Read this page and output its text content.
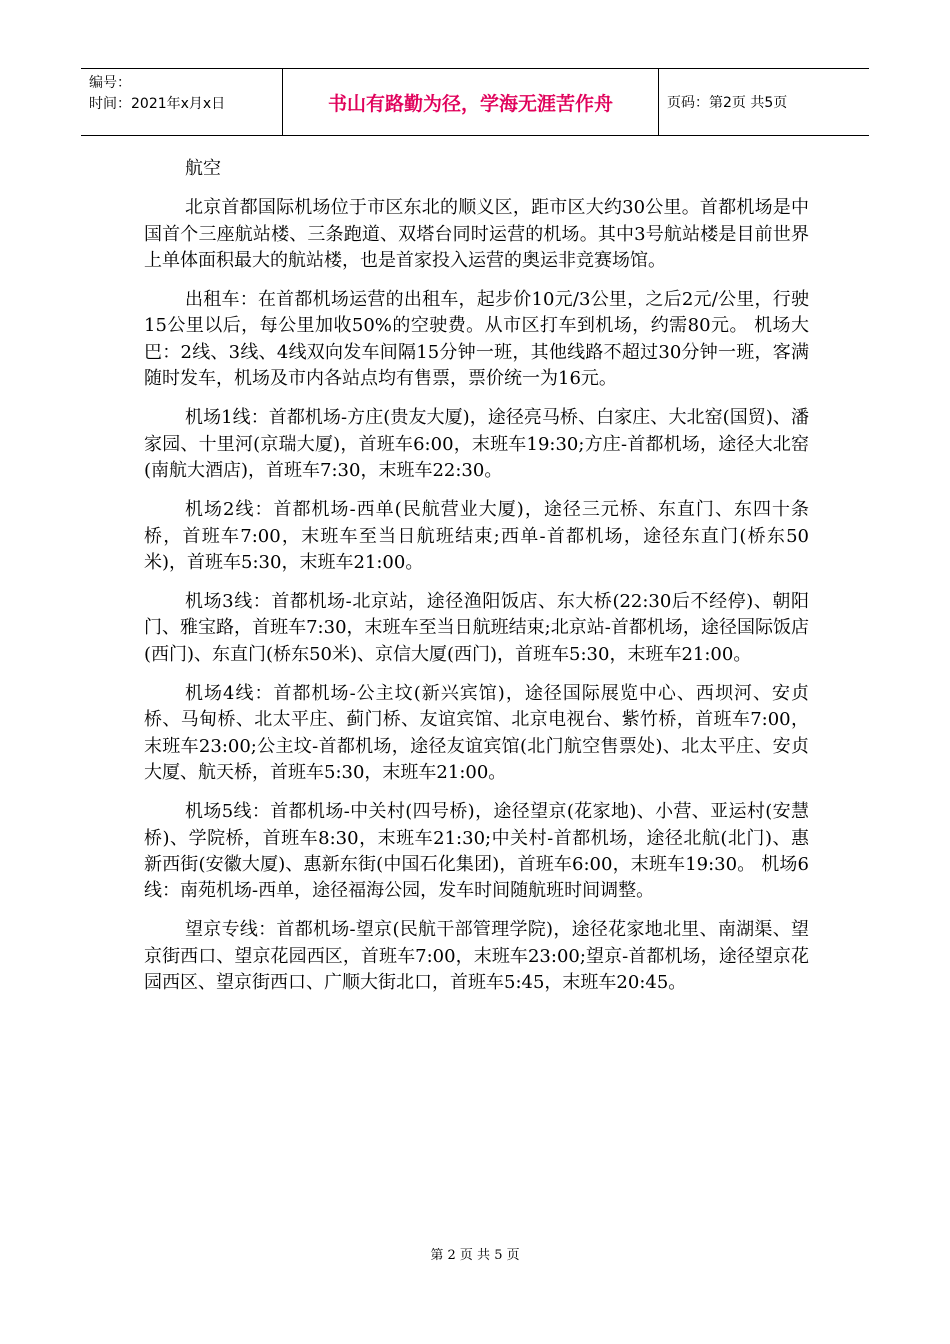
编号：
时间：2021年x月x日	书山有路勤为径，学海无涯苦作舟	页码：第2页 共5页

航空

北京首都国际机场位于市区东北的顺义区，距市区大约30公里。首都机场是中国首个三座航站楼、三条跑道、双塔台同时运营的机场。其中3号航站楼是目前世界上单体面积最大的航站楼，也是首家投入运营的奥运非竞赛场馆。

出租车：在首都机场运营的出租车，起步价10元/3公里，之后2元/公里，行驶15公里以后，每公里加收50%的空驶费。从市区打车到机场，约需80元。 机场大巴：2线、3线、4线双向发车间隔15分钟一班，其他线路不超过30分钟一班，客满随时发车，机场及市内各站点均有售票，票价统一为16元。

机场1线：首都机场-方庄(贵友大厦)，途径亮马桥、白家庄、大北窑(国贸)、潘家园、十里河(京瑞大厦)，首班车6:00，末班车19:30;方庄-首都机场，途径大北窑 (南航大酒店)，首班车7:30，末班车22:30。

机场2线：首都机场-西单(民航营业大厦)，途径三元桥、东直门、东四十条桥，首班车7:00，末班车至当日航班结束;西单-首都机场，途径东直门(桥东50米)，首班车5:30，末班车21:00。

机场3线：首都机场-北京站，途径渔阳饭店、东大桥(22:30后不经停)、朝阳门、雅宝路，首班车7:30，末班车至当日航班结束;北京站-首都机场，途径国际饭店(西门)、东直门(桥东50米)、京信大厦(西门)，首班车5:30，末班车21:00。

机场4线：首都机场-公主坟(新兴宾馆)，途径国际展览中心、西坝河、安贞桥、马甸桥、北太平庄、蓟门桥、友谊宾馆、北京电视台、紫竹桥，首班车7:00，末班车23:00;公主坟-首都机场，途径友谊宾馆(北门航空售票处)、北太平庄、安贞大厦、航天桥，首班车5:30，末班车21:00。

机场5线：首都机场-中关村(四号桥)，途径望京(花家地)、小营、亚运村(安慧桥)、学院桥，首班车8:30，末班车21:30;中关村-首都机场，途径北航(北门)、惠新西街(安徽大厦)、惠新东街(中国石化集团)，首班车6:00，末班车19:30。 机场6线：南苑机场-西单，途径福海公园，发车时间随航班时间调整。

望京专线：首都机场-望京(民航干部管理学院)，途径花家地北里、南湖渠、望京街西口、望京花园西区，首班车7:00，末班车23:00;望京-首都机场，途径望京花园西区、望京街西口、广顺大街北口，首班车5:45，末班车20:45。

第 2 页 共 5 页
